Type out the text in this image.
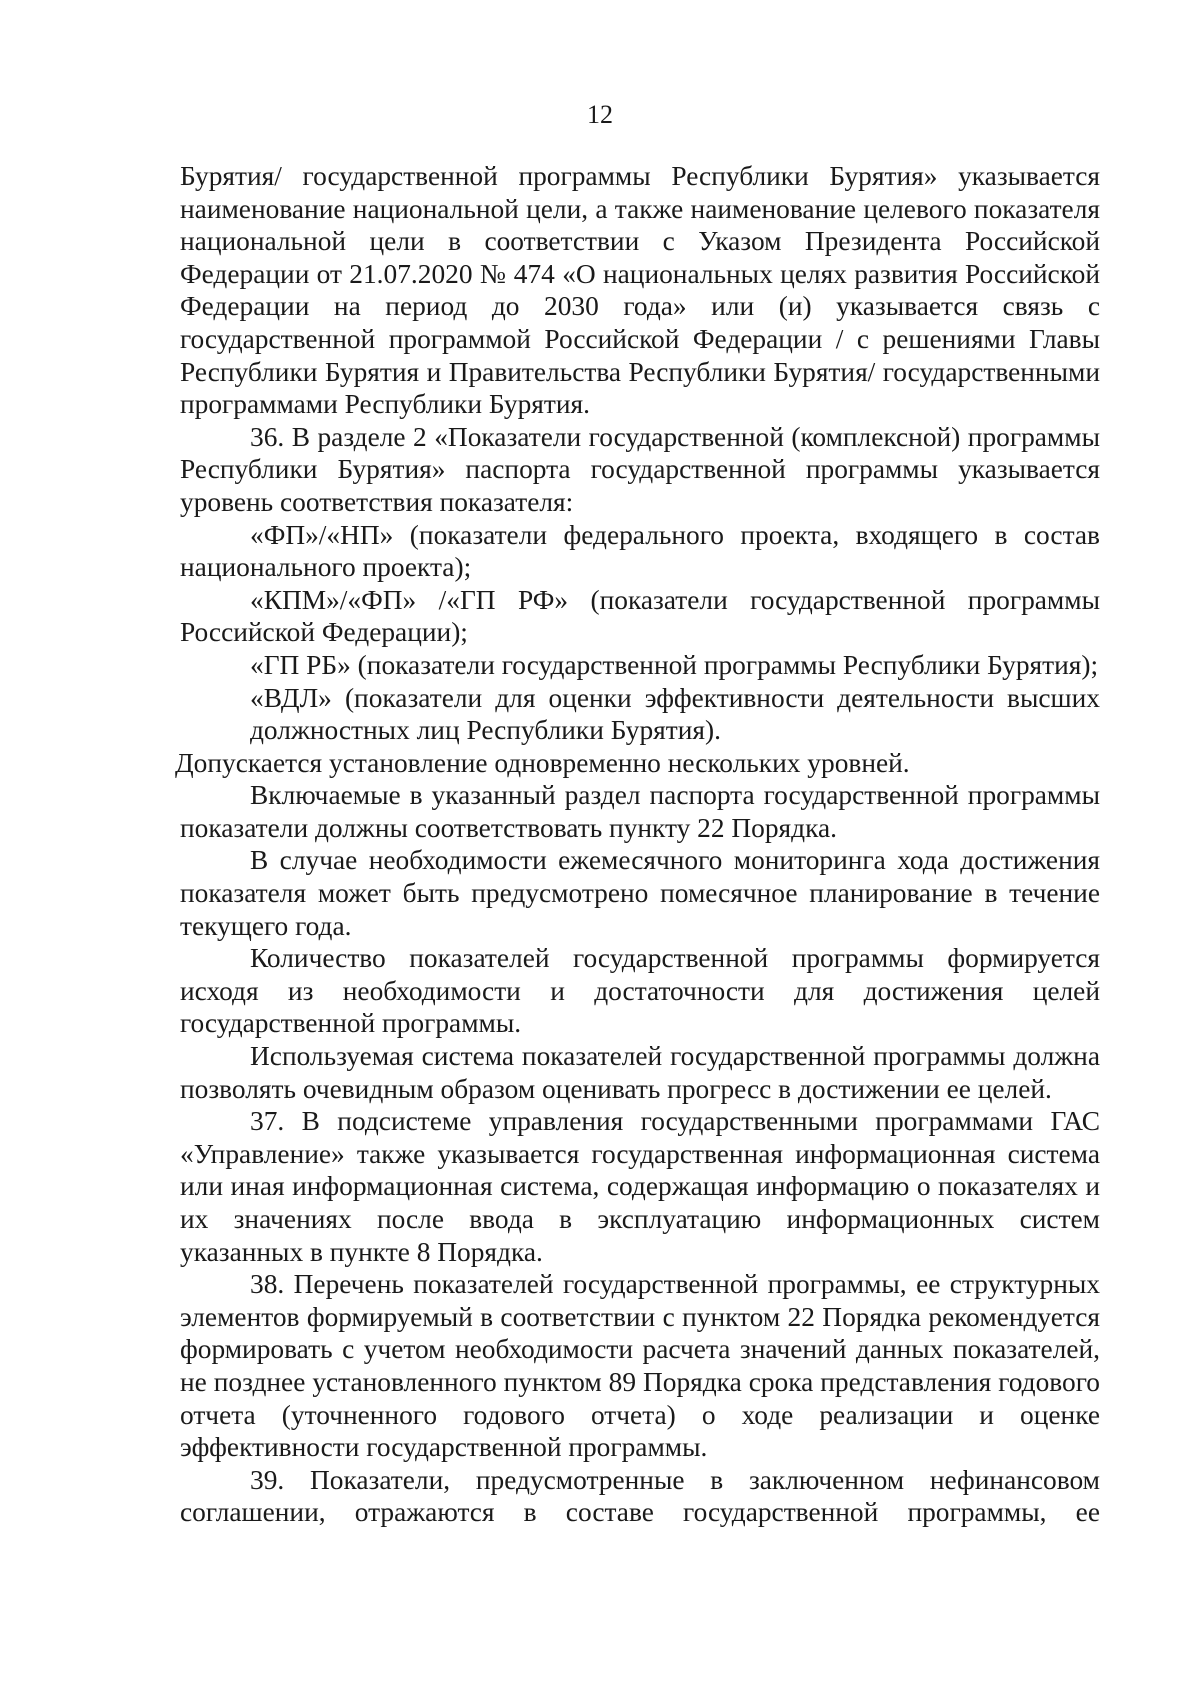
12

Бурятия/ государственной программы Республики Бурятия» указывается наименование национальной цели, а также наименование целевого показателя национальной цели в соответствии с Указом Президента Российской Федерации от 21.07.2020 № 474 «О национальных целях развития Российской Федерации на период до 2030 года» или (и) указывается связь с государственной программой Российской Федерации / с решениями Главы Республики Бурятия и Правительства Республики Бурятия/ государственными программами Республики Бурятия.

36. В разделе 2 «Показатели государственной (комплексной) программы Республики Бурятия» паспорта государственной программы указывается уровень соответствия показателя:

«ФП»/«НП» (показатели федерального проекта, входящего в состав национального проекта);

«КПМ»/«ФП» /«ГП РФ» (показатели государственной программы Российской Федерации);

«ГП РБ» (показатели государственной программы Республики Бурятия);

«ВДЛ» (показатели для оценки эффективности деятельности высших должностных лиц Республики Бурятия).

Допускается установление одновременно нескольких уровней.

Включаемые в указанный раздел паспорта государственной программы показатели должны соответствовать пункту 22 Порядка.

В случае необходимости ежемесячного мониторинга хода достижения показателя может быть предусмотрено помесячное планирование в течение текущего года.

Количество показателей государственной программы формируется исходя из необходимости и достаточности для достижения целей государственной программы.

Используемая система показателей государственной программы должна позволять очевидным образом оценивать прогресс в достижении ее целей.

37. В подсистеме управления государственными программами ГАС «Управление» также указывается государственная информационная система или иная информационная система, содержащая информацию о показателях и их значениях после ввода в эксплуатацию информационных систем указанных в пункте 8 Порядка.

38. Перечень показателей государственной программы, ее структурных элементов формируемый в соответствии с пунктом 22 Порядка рекомендуется формировать с учетом необходимости расчета значений данных показателей, не позднее установленного пунктом 89 Порядка срока представления годового отчета (уточненного годового отчета) о ходе реализации и оценке эффективности государственной программы.

39. Показатели, предусмотренные в заключенном нефинансовом соглашении, отражаются в составе государственной программы, ее
